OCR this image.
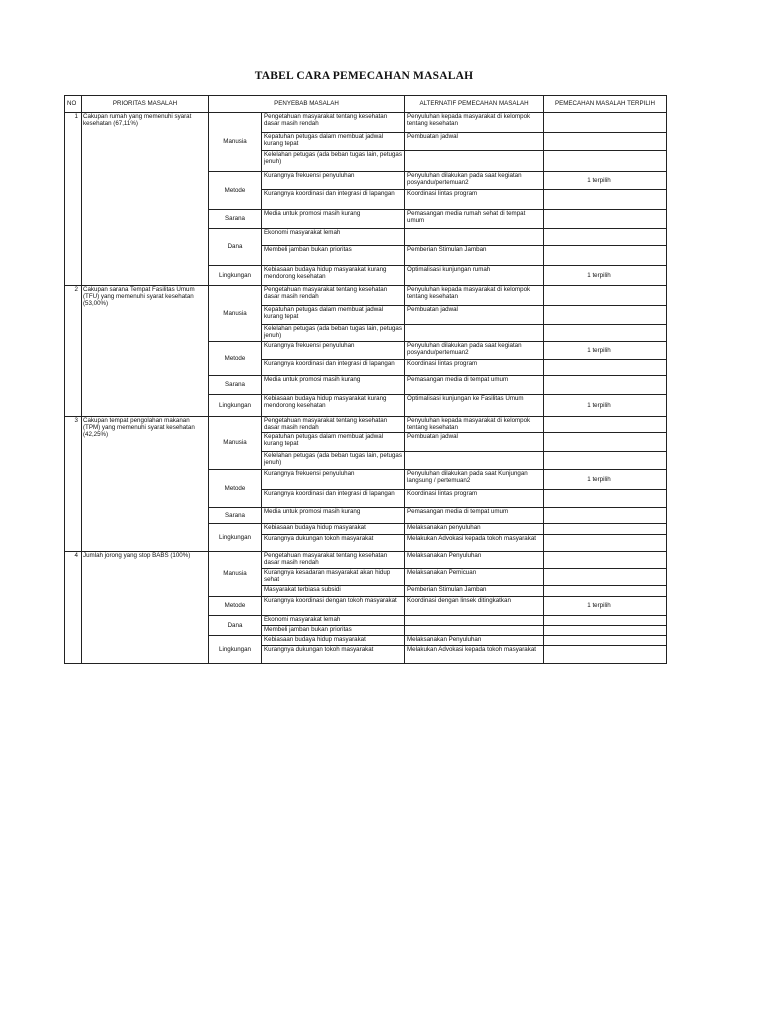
TABEL CARA PEMECAHAN MASALAH
NO	PRIORITAS MASALAH	PENYEBAB MASALAH		ALTERNATIF PEMECAHAN MASALAH	PEMECAHAN MASALAH TERPILIH
1	Cakupan rumah yang memenuhi syarat kesehatan (67,11%)	Manusia	Pengetahuan masyarakat tentang kesehatan dasar masih rendah	Penyuluhan kepada masyarakat di kelompok tentang kesehatan	
			Kepatuhan petugas dalam membuat jadwal kurang tepat	Pembuatan jadwal	
			Kelelahan petugas (ada beban tugas lain, petugas jenuh)		
		Metode	Kurangnya frekuensi penyuluhan	Penyuluhan dilakukan pada saat kegiatan posyandu/pertemuan2	1 terpilih
			Kurangnya koordinasi dan integrasi di lapangan	Koordinasi lintas program	
		Sarana	Media untuk promosi masih kurang	Pemasangan media rumah sehat di tempat umum	
		Dana	Ekonomi masyarakat lemah		
			Membeli jamban bukan prioritas	Pemberian Stimulan Jamban	
		Lingkungan	Kebiasaan budaya hidup masyarakat kurang mendorong kesehatan	Optimalisasi kunjungan rumah	1 terpilih
2	Cakupan sarana Tempat Fasilitas Umum (TFU) yang memenuhi syarat kesehatan (53,00%)	Manusia	Pengetahuan masyarakat tentang kesehatan dasar masih rendah	Penyuluhan kepada masyarakat di kelompok tentang kesehatan	
			Kepatuhan petugas dalam membuat jadwal kurang tepat	Pembuatan jadwal	
			Kelelahan petugas (ada beban tugas lain, petugas jenuh)		
		Metode	Kurangnya frekuensi penyuluhan	Penyuluhan dilakukan pada saat kegiatan posyandu/pertemuan2	1 terpilih
			Kurangnya koordinasi dan integrasi di lapangan	Koordinasi lintas program	
		Sarana	Media untuk promosi masih kurang	Pemasangan media di tempat umum	
		Lingkungan	Kebiasaan budaya hidup masyarakat kurang mendorong kesehatan	Optimalisasi kunjungan ke Fasilitas Umum	1 terpilih
3	Cakupan tempat pengolahan makanan (TPM) yang memenuhi syarat kesehatan (42,25%)	Manusia	Pengetahuan masyarakat tentang kesehatan dasar masih rendah	Penyuluhan kepada masyarakat di kelompok tentang kesehatan	
			Kepatuhan petugas dalam membuat jadwal kurang tepat	Pembuatan jadwal	
			Kelelahan petugas (ada beban tugas lain, petugas jenuh)		
		Metode	Kurangnya frekuensi penyuluhan	Penyuluhan dilakukan pada saat Kunjungan langsung / pertemuan2	1 terpilih
			Kurangnya koordinasi dan integrasi di lapangan	Koordinasi lintas program	
		Sarana	Media untuk promosi masih kurang	Pemasangan media di tempat umum	
		Lingkungan	Kebiasaan budaya hidup masyarakat	Melaksanakan penyuluhan	
			Kurangnya dukungan tokoh masyarakat	Melakukan Advokasi kepada tokoh masyarakat	
4	Jumlah jorong yang stop BABS (100%)	Manusia	Pengetahuan masyarakat tentang kesehatan dasar masih rendah	Melaksanakan Penyuluhan	
			Kurangnya kesadaran masyarakat akan hidup sehat	Melaksanakan Pemicuan	
			Masyarakat terbiasa subsidi	Pemberian Stimulan Jamban	
		Metode	Kurangnya koordinasi dengan tokoh masyarakat	Koordinasi dengan linsek ditingkatkan	1 terpilih
		Dana	Ekonomi masyarakat lemah		
			Membeli jamban bukan prioritas		
		Lingkungan	Kebiasaan budaya hidup masyarakat	Melaksanakan Penyuluhan	
			Kurangnya dukungan tokoh masyarakat	Melakukan Advokasi kepada tokoh masyarakat	
